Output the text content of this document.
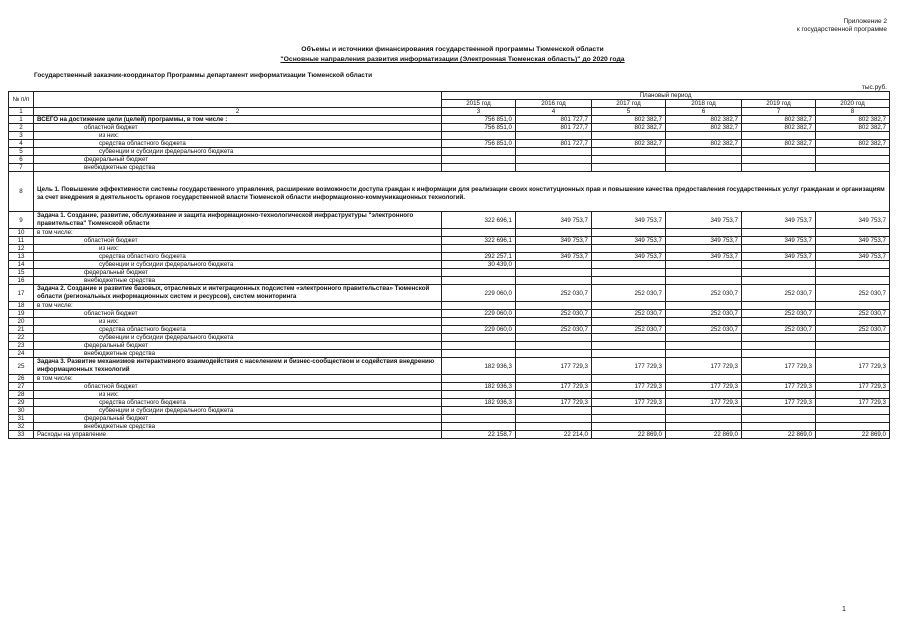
Приложение 2
к государственной программе
Объемы и источники финансирования государственной программы Тюменской области
"Основные направления развития информатизации (Электронная Тюменская область)" до 2020 года
Государственный заказчик-координатор Программы департамент информатизации Тюменской области
тыс.руб.
№ п/п		Плановый период					
		2015 год	2016 год	2017 год	2018 год	2019 год	2020 год
1	2	3	4	5	6	7	8
1	ВСЕГО на достижение цели (целей) программы, в том числе :	756 851,0	801 727,7	802 382,7	802 382,7	802 382,7	802 382,7
2	областной бюджет	756 851,0	801 727,7	802 382,7	802 382,7	802 382,7	802 382,7
3	из них:						
4	средства областного бюджета	756 851,0	801 727,7	802 382,7	802 382,7	802 382,7	802 382,7
5	субвенции и субсидии федерального бюджета						
6	федеральный бюджет						
7	внебюджетные средства						
8	Цель 1. Повышение эффективности системы государственного управления, расширение возможности доступа граждан к информации для реализации своих конституционных прав и повышение качества предоставления государственных услуг гражданам и организациям за счет внедрения в деятельность органов государственной власти Тюменской области информационно-коммуникационных технологий.						
9	Задача 1. Создание, развитие, обслуживание и защита информационно-технологической инфраструктуры "электронного правительства" Тюменской области	322 696,1	349 753,7	349 753,7	349 753,7	349 753,7	349 753,7
10	в том числе:						
11	областной бюджет	322 696,1	349 753,7	349 753,7	349 753,7	349 753,7	349 753,7
12	из них:						
13	средства областного бюджета	292 257,1	349 753,7	349 753,7	349 753,7	349 753,7	349 753,7
14	субвенции и субсидии федерального бюджета	30 439,0					
15	федеральный бюджет						
16	внебюджетные средства						
17	Задача 2. Создание и развитие базовых, отраслевых и интеграционных подсистем «электронного правительства» Тюменской области (региональных информационных систем и ресурсов), систем мониторинга	229 060,0	252 030,7	252 030,7	252 030,7	252 030,7	252 030,7
18	в том числе:						
19	областной бюджет	229 060,0	252 030,7	252 030,7	252 030,7	252 030,7	252 030,7
20	из них:						
21	средства областного бюджета	229 060,0	252 030,7	252 030,7	252 030,7	252 030,7	252 030,7
22	субвенции и субсидии федерального бюджета						
23	федеральный бюджет						
24	внебюджетные средства						
25	Задача 3. Развитие механизмов интерактивного взаимодействия с населением и бизнес-сообществом и содействия внедрению информационных технологий	182 936,3	177 729,3	177 729,3	177 729,3	177 729,3	177 729,3
26	в том числе:						
27	областной бюджет	182 936,3	177 729,3	177 729,3	177 729,3	177 729,3	177 729,3
28	из них:						
29	средства областного бюджета	182 936,3	177 729,3	177 729,3	177 729,3	177 729,3	177 729,3
30	субвенции и субсидии федерального бюджета						
31	федеральный бюджет						
32	внебюджетные средства						
33	Расходы на управление	22 158,7	22 214,0	22 869,0	22 869,0	22 869,0	22 869,0
1
